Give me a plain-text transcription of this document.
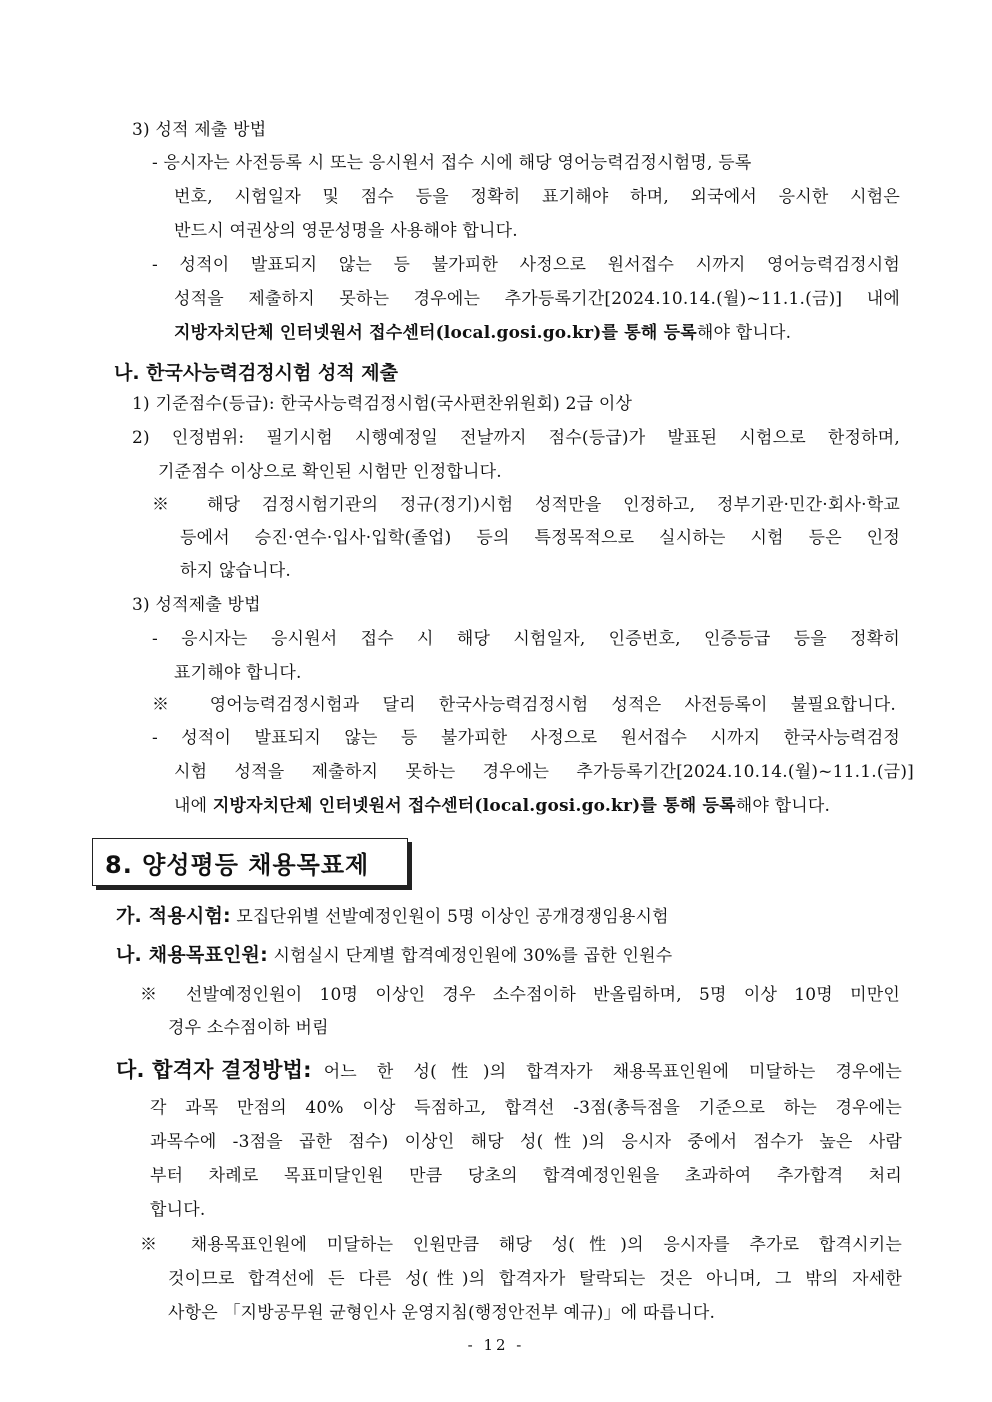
3) 성적 제출 방법
- 응시자는 사전등록 시 또는 응시원서 접수 시에 해당 영어능력검정시험명, 등록
번호, 시험일자 및 점수 등을 정확히 표기해야 하며, 외국에서 응시한 시험은
반드시 여권상의 영문성명을 사용해야 합니다.
- 성적이 발표되지 않는 등 불가피한 사정으로 원서접수 시까지 영어능력검정시험
성적을 제출하지 못하는 경우에는 추가등록기간[2024.10.14.(월)~11.1.(금)] 내에
지방자치단체 인터넷원서 접수센터(local.gosi.go.kr)를 통해 등록해야 합니다.
나. 한국사능력검정시험 성적 제출
1) 기준점수(등급): 한국사능력검정시험(국사편찬위원회) 2급 이상
2) 인정범위: 필기시험 시행예정일 전날까지 점수(등급)가 발표된 시험으로 한정하며,
기준점수 이상으로 확인된 시험만 인정합니다.
※ 해당 검정시험기관의 정규(정기)시험 성적만을 인정하고, 정부기관·민간·회사·학교
등에서 승진·연수·입사·입학(졸업) 등의 특정목적으로 실시하는 시험 등은 인정
하지 않습니다.
3) 성적제출 방법
- 응시자는 응시원서 접수 시 해당 시험일자, 인증번호, 인증등급 등을 정확히
표기해야 합니다.
※ 영어능력검정시험과 달리 한국사능력검정시험 성적은 사전등록이 불필요합니다.
- 성적이 발표되지 않는 등 불가피한 사정으로 원서접수 시까지 한국사능력검정
시험 성적을 제출하지 못하는 경우에는 추가등록기간[2024.10.14.(월)~11.1.(금)]
내에 지방자치단체 인터넷원서 접수센터(local.gosi.go.kr)를 통해 등록해야 합니다.
8. 양성평등 채용목표제
가. 적용시험: 모집단위별 선발예정인원이 5명 이상인 공개경쟁임용시험
나. 채용목표인원: 시험실시 단계별 합격예정인원에 30%를 곱한 인원수
※ 선발예정인원이 10명 이상인 경우 소수점이하 반올림하며, 5명 이상 10명 미만인
경우 소수점이하 버림
다. 합격자 결정방법: 어느 한 성(性)의 합격자가 채용목표인원에 미달하는 경우에는
각 과목 만점의 40% 이상 득점하고, 합격선 -3점(총득점을 기준으로 하는 경우에는
과목수에 -3점을 곱한 점수) 이상인 해당 성(性)의 응시자 중에서 점수가 높은 사람
부터 차례로 목표미달인원 만큼 당초의 합격예정인원을 초과하여 추가합격 처리
합니다.
※ 채용목표인원에 미달하는 인원만큼 해당 성(性)의 응시자를 추가로 합격시키는
것이므로 합격선에 든 다른 성(性)의 합격자가 탈락되는 것은 아니며, 그 밖의 자세한
사항은 「지방공무원 균형인사 운영지침(행정안전부 예규)」에 따릅니다.
- 12 -
